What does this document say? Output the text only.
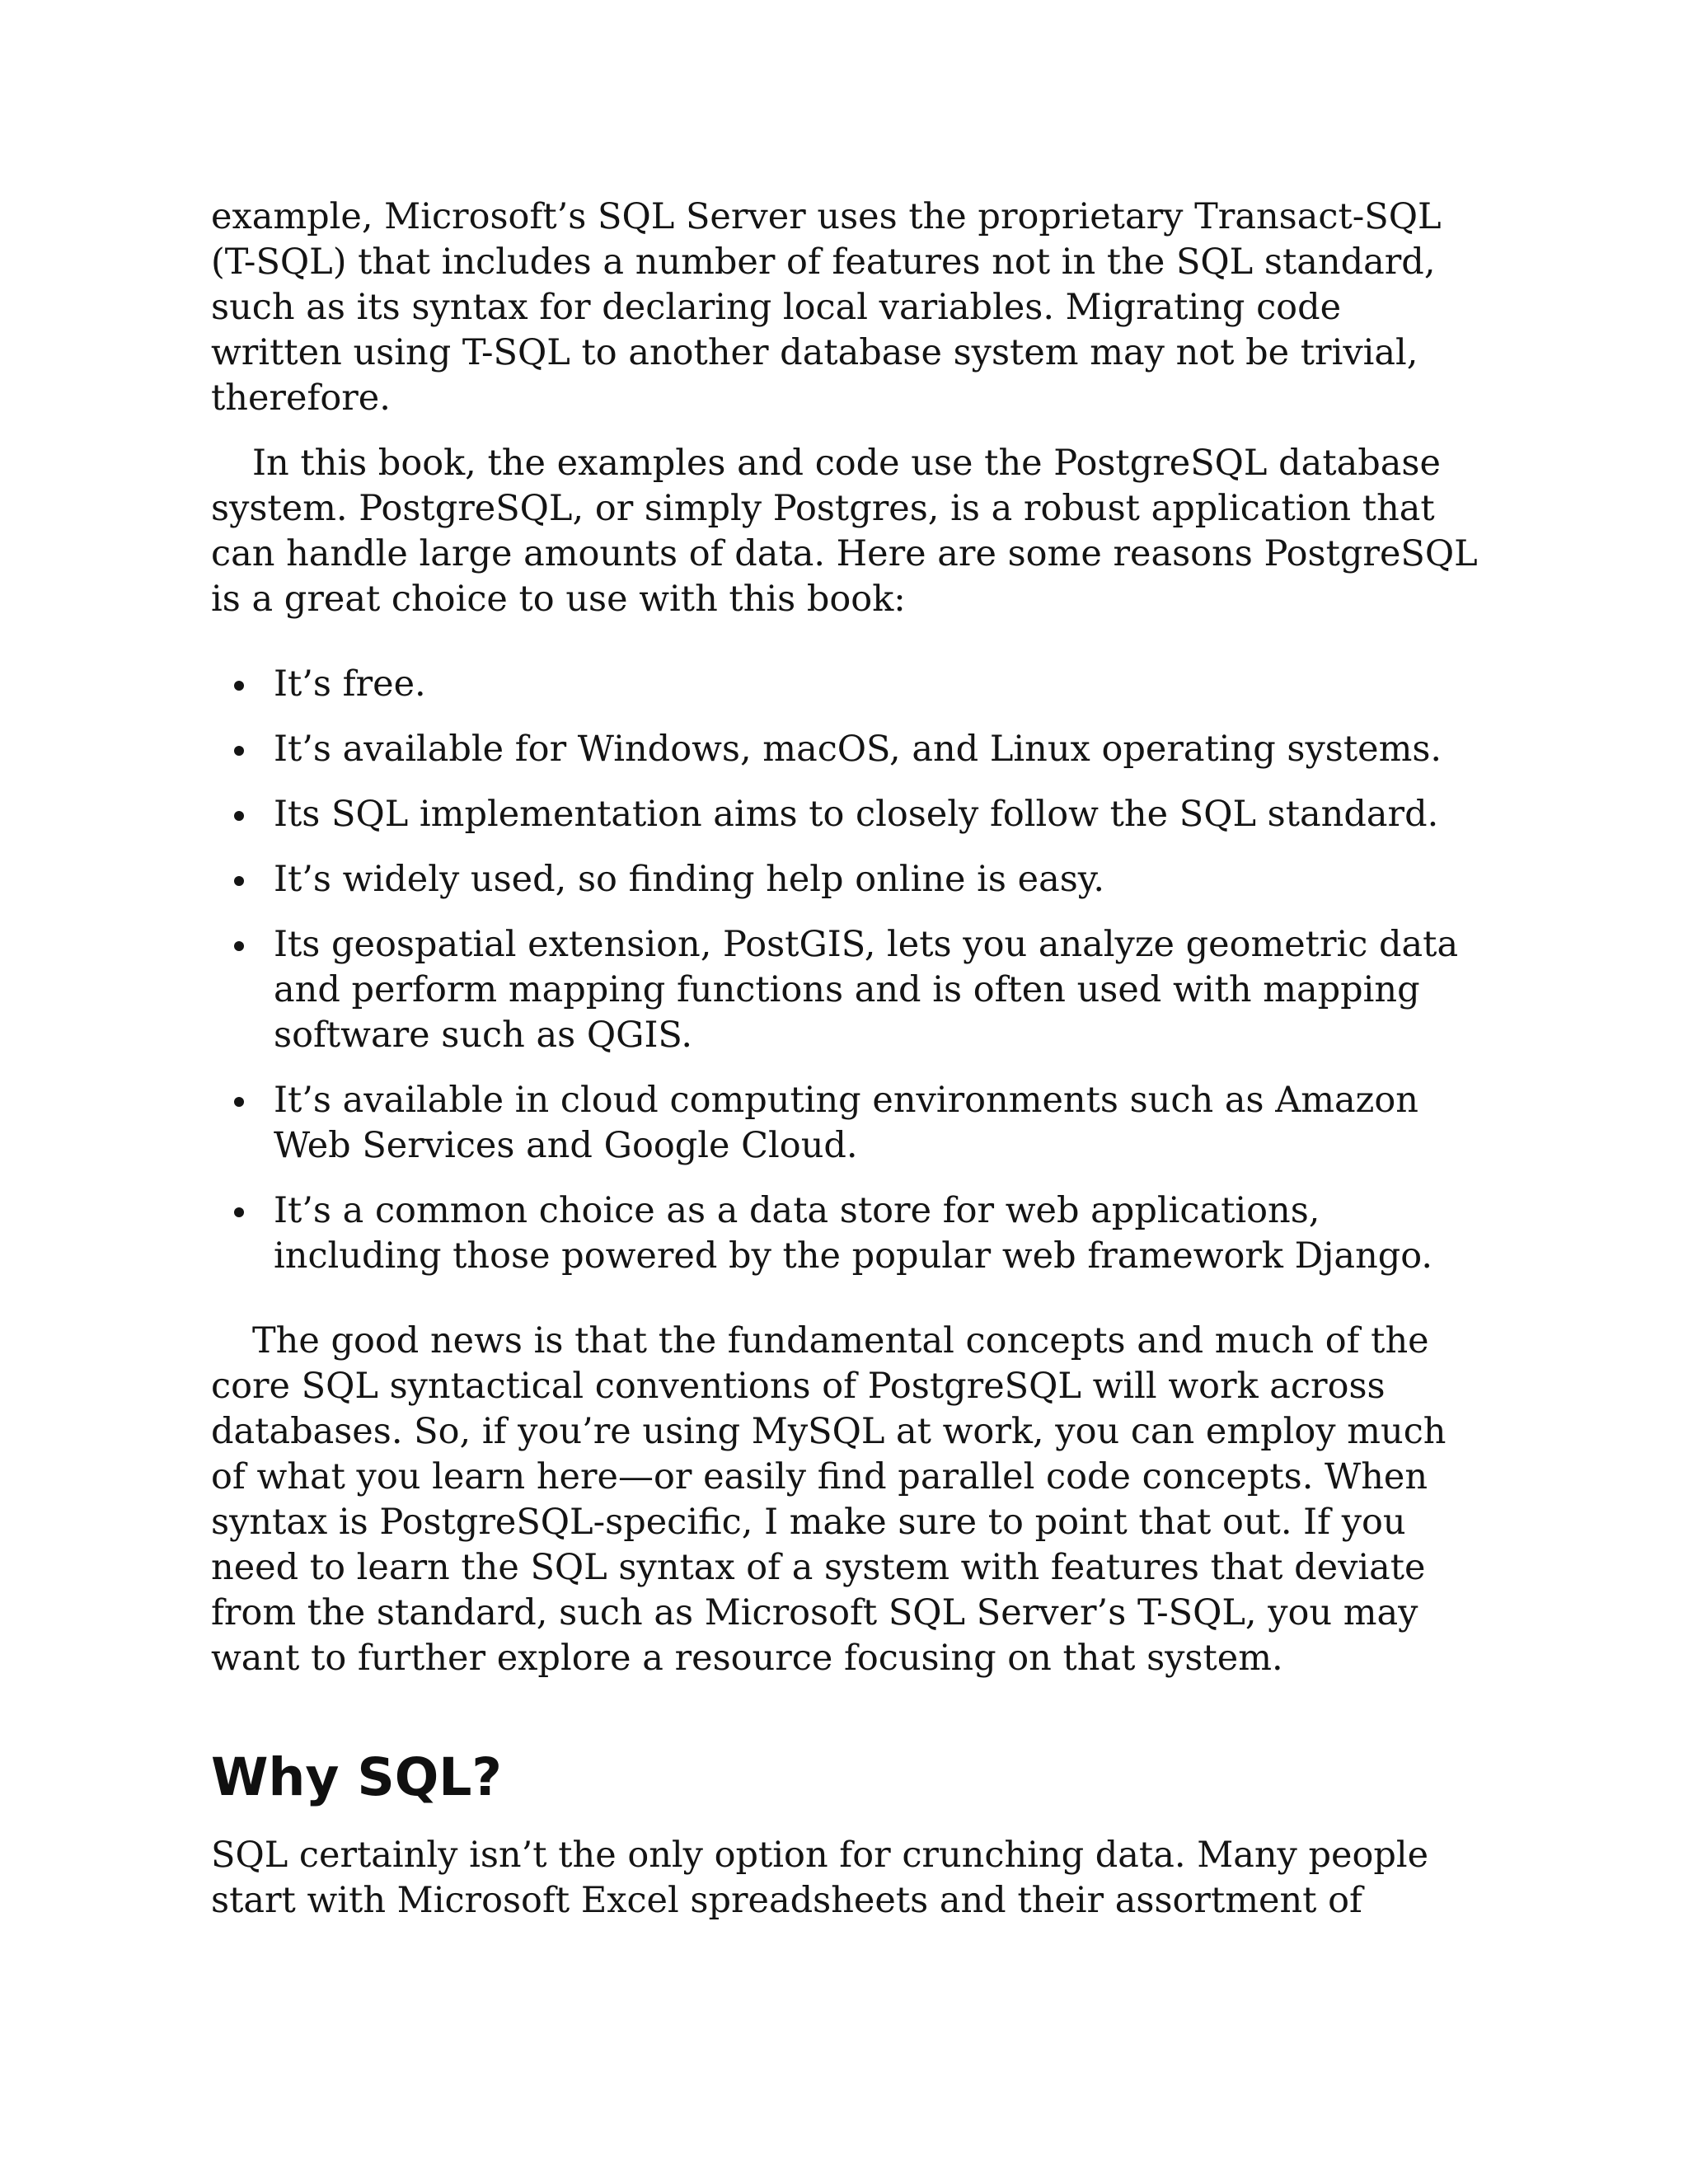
example, Microsoft’s SQL Server uses the proprietary Transact-SQL (T-SQL) that includes a number of features not in the SQL standard, such as its syntax for declaring local variables. Migrating code written using T-SQL to another database system may not be trivial, therefore.

In this book, the examples and code use the PostgreSQL database system. PostgreSQL, or simply Postgres, is a robust application that can handle large amounts of data. Here are some reasons PostgreSQL is a great choice to use with this book:

It’s free.
It’s available for Windows, macOS, and Linux operating systems.
Its SQL implementation aims to closely follow the SQL standard.
It’s widely used, so finding help online is easy.
Its geospatial extension, PostGIS, lets you analyze geometric data and perform mapping functions and is often used with mapping software such as QGIS.
It’s available in cloud computing environments such as Amazon Web Services and Google Cloud.
It’s a common choice as a data store for web applications, including those powered by the popular web framework Django.

The good news is that the fundamental concepts and much of the core SQL syntactical conventions of PostgreSQL will work across databases. So, if you’re using MySQL at work, you can employ much of what you learn here—or easily find parallel code concepts. When syntax is PostgreSQL-specific, I make sure to point that out. If you need to learn the SQL syntax of a system with features that deviate from the standard, such as Microsoft SQL Server’s T-SQL, you may want to further explore a resource focusing on that system.

Why SQL?

SQL certainly isn’t the only option for crunching data. Many people start with Microsoft Excel spreadsheets and their assortment of
